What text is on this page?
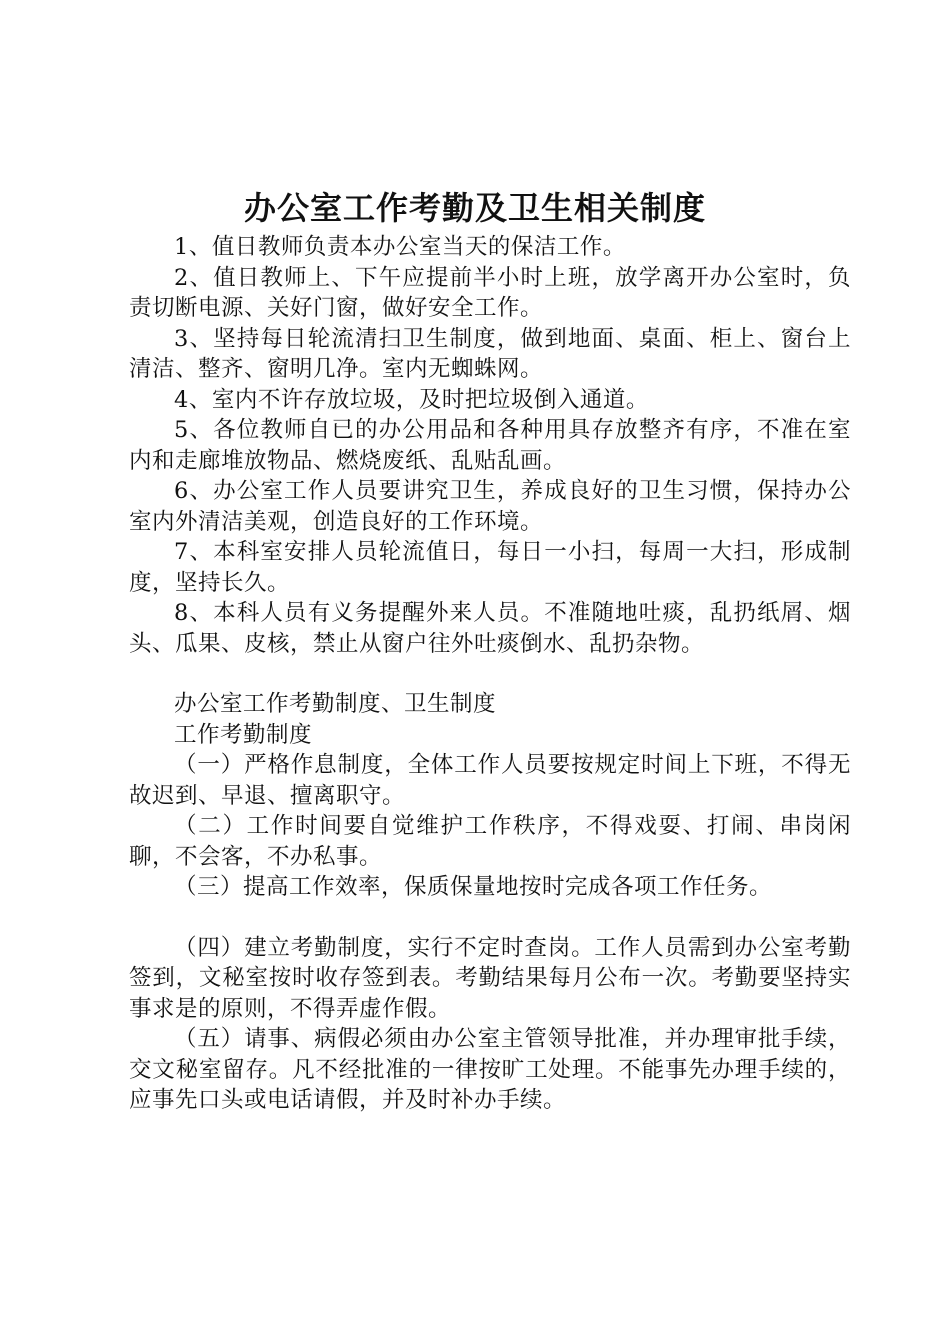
办公室工作考勤及卫生相关制度

1、值日教师负责本办公室当天的保洁工作。

2、值日教师上、下午应提前半小时上班，放学离开办公室时，负责切断电源、关好门窗，做好安全工作。

3、坚持每日轮流清扫卫生制度，做到地面、桌面、柜上、窗台上清洁、整齐、窗明几净。室内无蜘蛛网。

4、室内不许存放垃圾，及时把垃圾倒入通道。

5、各位教师自已的办公用品和各种用具存放整齐有序，不准在室内和走廊堆放物品、燃烧废纸、乱贴乱画。

6、办公室工作人员要讲究卫生，养成良好的卫生习惯，保持办公室内外清洁美观，创造良好的工作环境。

7、本科室安排人员轮流值日，每日一小扫，每周一大扫，形成制度，坚持长久。

8、本科人员有义务提醒外来人员。不准随地吐痰，乱扔纸屑、烟头、瓜果、皮核，禁止从窗户往外吐痰倒水、乱扔杂物。

办公室工作考勤制度、卫生制度

工作考勤制度

（一）严格作息制度，全体工作人员要按规定时间上下班，不得无故迟到、早退、擅离职守。

（二）工作时间要自觉维护工作秩序，不得戏耍、打闹、串岗闲聊，不会客，不办私事。

（三）提高工作效率，保质保量地按时完成各项工作任务。

（四）建立考勤制度，实行不定时查岗。工作人员需到办公室考勤签到，文秘室按时收存签到表。考勤结果每月公布一次。考勤要坚持实事求是的原则，不得弄虚作假。

（五）请事、病假必须由办公室主管领导批准，并办理审批手续，交文秘室留存。凡不经批准的一律按旷工处理。不能事先办理手续的，应事先口头或电话请假，并及时补办手续。
